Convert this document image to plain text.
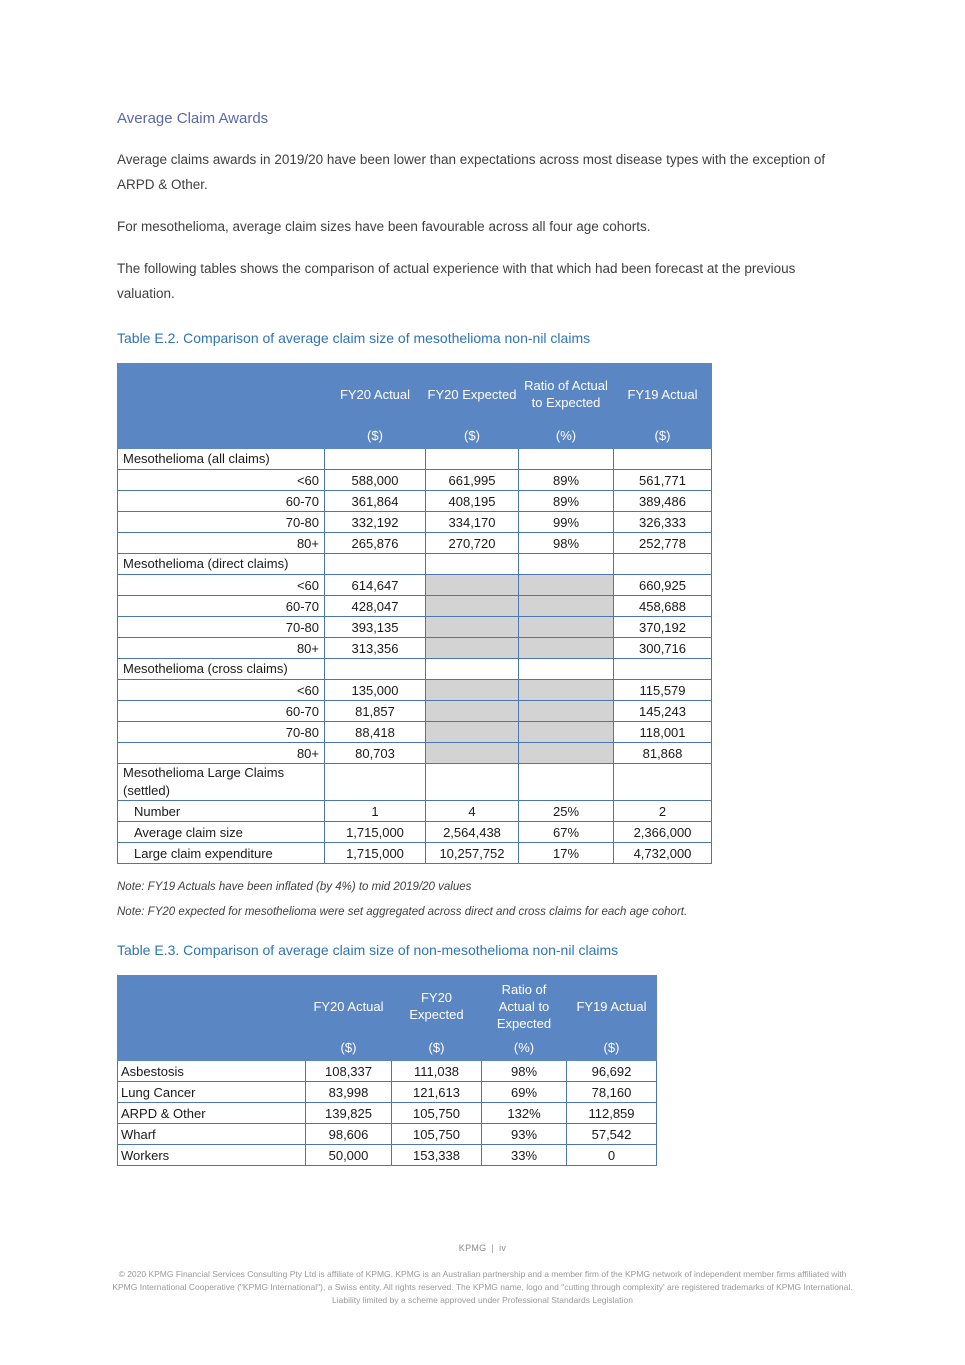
Average Claim Awards

Average claims awards in 2019/20 have been lower than expectations across most disease types with the exception of ARPD & Other.

For mesothelioma, average claim sizes have been favourable across all four age cohorts.

The following tables shows the comparison of actual experience with that which had been forecast at the previous valuation.

Table E.2. Comparison of average claim size of mesothelioma non-nil claims
	FY20 Actual	FY20 Expected	Ratio of Actual to Expected	FY19 Actual
	($)	($)	(%)	($)
Mesothelioma (all claims)				
<60	588,000	661,995	89%	561,771
60-70	361,864	408,195	89%	389,486
70-80	332,192	334,170	99%	326,333
80+	265,876	270,720	98%	252,778
Mesothelioma (direct claims)				
<60	614,647			660,925
60-70	428,047			458,688
70-80	393,135			370,192
80+	313,356			300,716
Mesothelioma (cross claims)				
<60	135,000			115,579
60-70	81,857			145,243
70-80	88,418			118,001
80+	80,703			81,868
Mesothelioma Large Claims (settled)				
Number	1	4	25%	2
Average claim size	1,715,000	2,564,438	67%	2,366,000
Large claim expenditure	1,715,000	10,257,752	17%	4,732,000

Note: FY19 Actuals have been inflated (by 4%) to mid 2019/20 values

Note: FY20 expected for mesothelioma were set aggregated across direct and cross claims for each age cohort.

Table E.3. Comparison of average claim size of non-mesothelioma non-nil claims
	FY20 Actual	FY20 Expected	Ratio of Actual to Expected	FY19 Actual
	($)	($)	(%)	($)
Asbestosis	108,337	111,038	98%	96,692
Lung Cancer	83,998	121,613	69%	78,160
ARPD & Other	139,825	105,750	132%	112,859
Wharf	98,606	105,750	93%	57,542
Workers	50,000	153,338	33%	0
KPMG | iv
© 2020 KPMG Financial Services Consulting Pty Ltd is affiliate of KPMG. KPMG is an Australian partnership and a member firm of the KPMG network of independent member firms affiliated with KPMG International Cooperative ("KPMG International"), a Swiss entity. All rights reserved. The KPMG name, logo and "cutting through complexity' are registered trademarks of KPMG International. Liability limited by a scheme approved under Professional Standards Legislation
